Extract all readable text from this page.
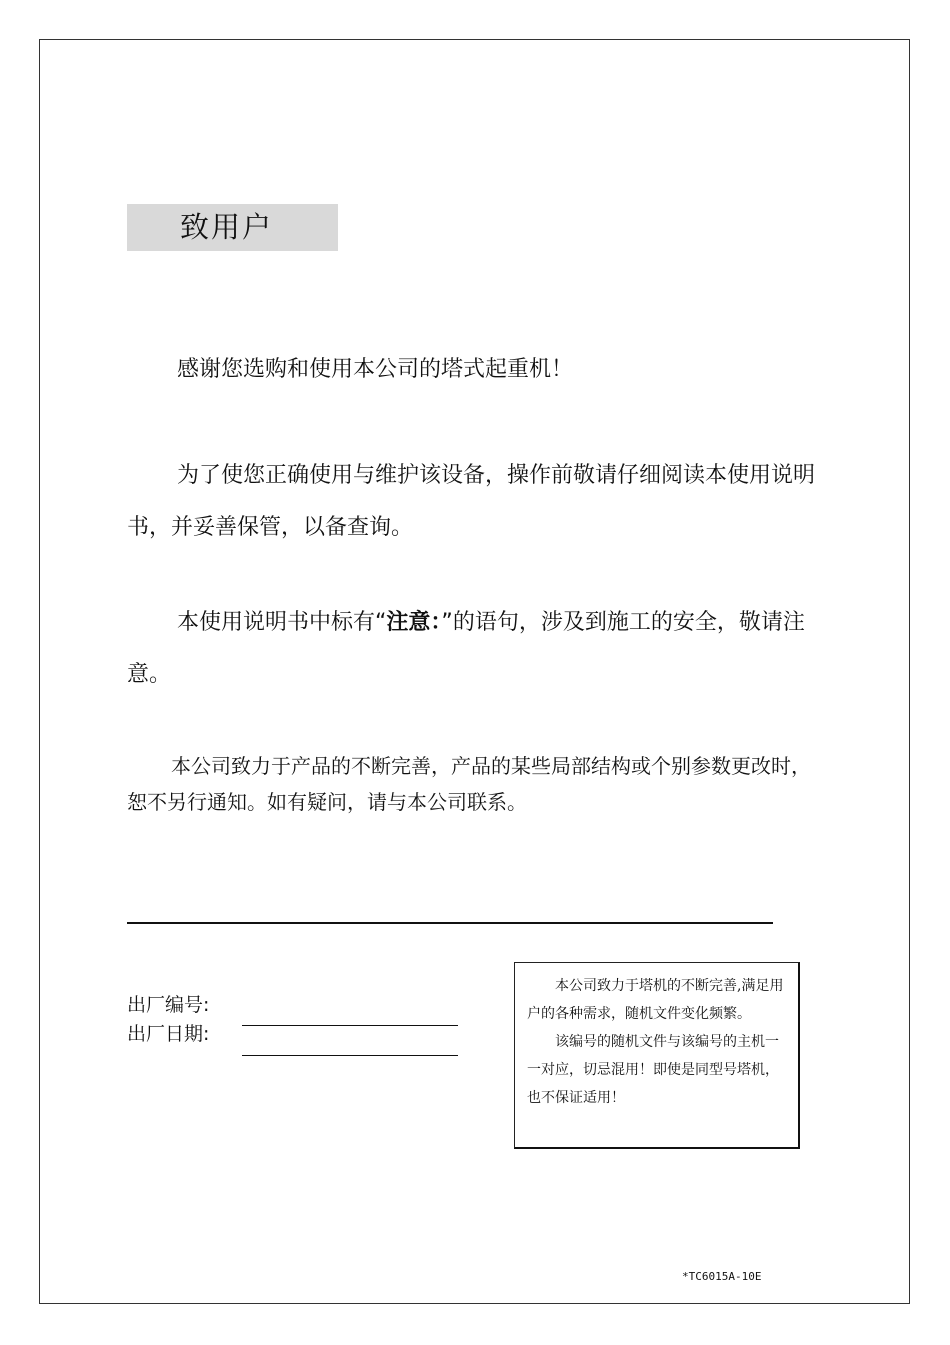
致用户

感谢您选购和使用本公司的塔式起重机！

为了使您正确使用与维护该设备，操作前敬请仔细阅读本使用说明书，并妥善保管，以备查询。

本使用说明书中标有“注意：”的语句，涉及到施工的安全，敬请注意。

本公司致力于产品的不断完善，产品的某些局部结构或个别参数更改时，恕不另行通知。如有疑问，请与本公司联系。

出厂编号:

出厂日期:

本公司致力于塔机的不断完善,满足用户的各种需求，随机文件变化频繁。

该编号的随机文件与该编号的主机一一对应，切忌混用！即使是同型号塔机，也不保证适用！

*TC6015A-10E
